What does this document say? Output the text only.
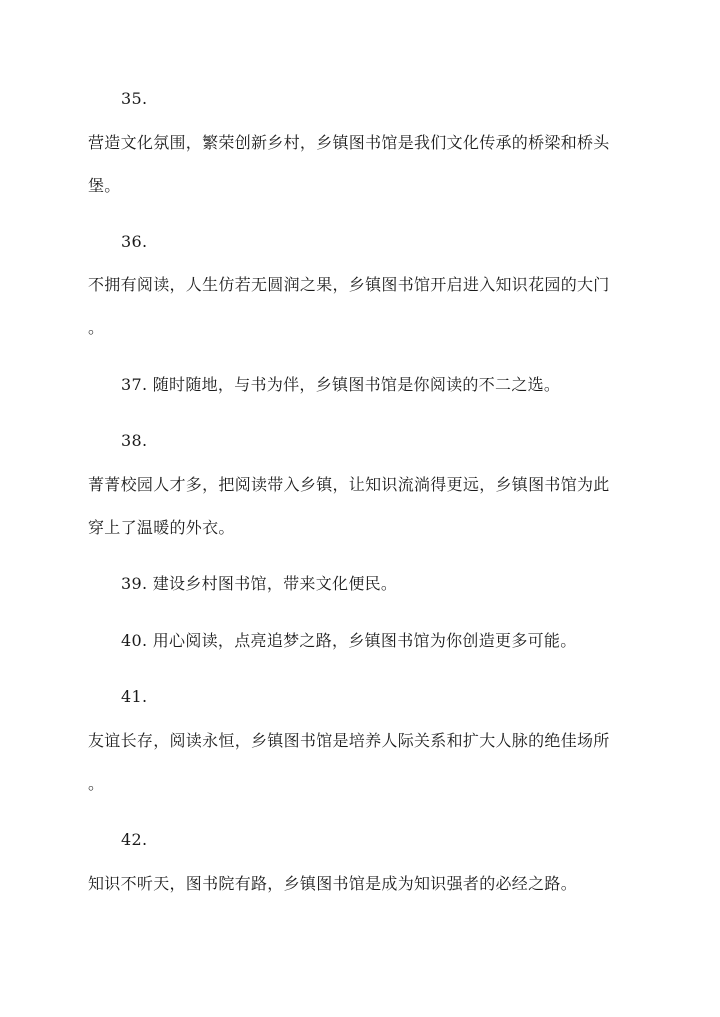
35.
营造文化氛围，繁荣创新乡村，乡镇图书馆是我们文化传承的桥梁和桥头
堡。
36.
不拥有阅读，人生仿若无圆润之果，乡镇图书馆开启进入知识花园的大门
。
37. 随时随地，与书为伴，乡镇图书馆是你阅读的不二之选。
38.
菁菁校园人才多，把阅读带入乡镇，让知识流淌得更远，乡镇图书馆为此
穿上了温暖的外衣。
39. 建设乡村图书馆，带来文化便民。
40. 用心阅读，点亮追梦之路，乡镇图书馆为你创造更多可能。
41.
友谊长存，阅读永恒，乡镇图书馆是培养人际关系和扩大人脉的绝佳场所
。
42.
知识不听天，图书院有路，乡镇图书馆是成为知识强者的必经之路。
